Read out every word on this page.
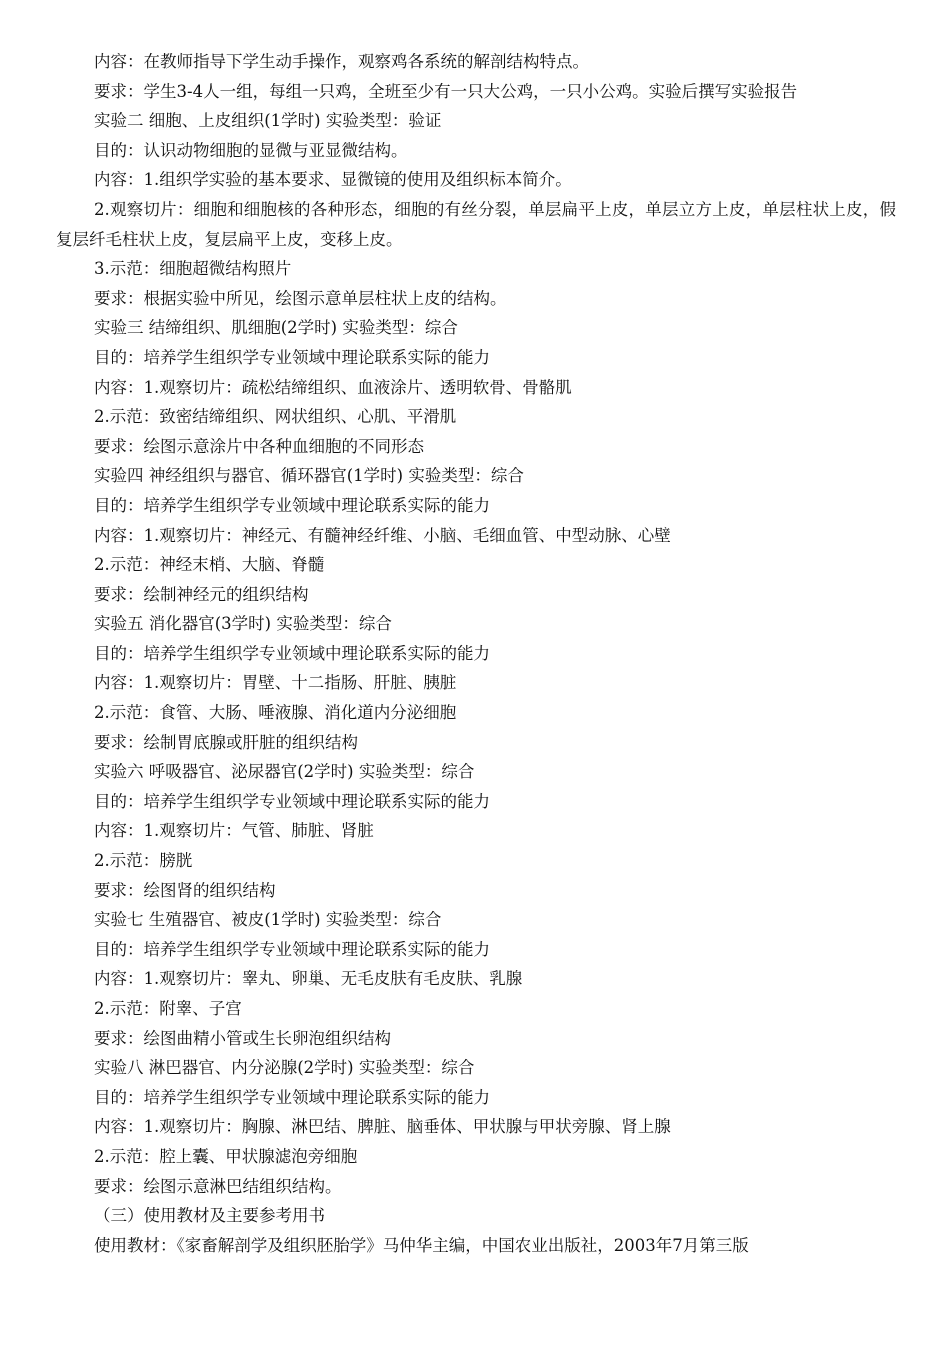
内容：在教师指导下学生动手操作，观察鸡各系统的解剖结构特点。
要求：学生3-4人一组，每组一只鸡，全班至少有一只大公鸡，一只小公鸡。实验后撰写实验报告
实验二 细胞、上皮组织(1学时) 实验类型：验证
目的：认识动物细胞的显微与亚显微结构。
内容：1.组织学实验的基本要求、显微镜的使用及组织标本简介。
2.观察切片：细胞和细胞核的各种形态，细胞的有丝分裂，单层扁平上皮，单层立方上皮，单层柱状上皮，假复层纤毛柱状上皮，复层扁平上皮，变移上皮。
3.示范：细胞超微结构照片
要求：根据实验中所见，绘图示意单层柱状上皮的结构。
实验三 结缔组织、肌细胞(2学时) 实验类型：综合
目的：培养学生组织学专业领域中理论联系实际的能力
内容：1.观察切片：疏松结缔组织、血液涂片、透明软骨、骨骼肌
2.示范：致密结缔组织、网状组织、心肌、平滑肌
要求：绘图示意涂片中各种血细胞的不同形态
实验四 神经组织与器官、循环器官(1学时) 实验类型：综合
目的：培养学生组织学专业领域中理论联系实际的能力
内容：1.观察切片：神经元、有髓神经纤维、小脑、毛细血管、中型动脉、心壁
2.示范：神经末梢、大脑、脊髓
要求：绘制神经元的组织结构
实验五 消化器官(3学时) 实验类型：综合
目的：培养学生组织学专业领域中理论联系实际的能力
内容：1.观察切片：胃壁、十二指肠、肝脏、胰脏
2.示范：食管、大肠、唾液腺、消化道内分泌细胞
要求：绘制胃底腺或肝脏的组织结构
实验六 呼吸器官、泌尿器官(2学时) 实验类型：综合
目的：培养学生组织学专业领域中理论联系实际的能力
内容：1.观察切片：气管、肺脏、肾脏
2.示范：膀胱
要求：绘图肾的组织结构
实验七 生殖器官、被皮(1学时) 实验类型：综合
目的：培养学生组织学专业领域中理论联系实际的能力
内容：1.观察切片：睾丸、卵巢、无毛皮肤有毛皮肤、乳腺
2.示范：附睾、子宫
要求：绘图曲精小管或生长卵泡组织结构
实验八 淋巴器官、内分泌腺(2学时) 实验类型：综合
目的：培养学生组织学专业领域中理论联系实际的能力
内容：1.观察切片：胸腺、淋巴结、脾脏、脑垂体、甲状腺与甲状旁腺、肾上腺
2.示范：腔上囊、甲状腺滤泡旁细胞
要求：绘图示意淋巴结组织结构。
（三）使用教材及主要参考用书
使用教材：《家畜解剖学及组织胚胎学》马仲华主编，中国农业出版社，2003年7月第三版
